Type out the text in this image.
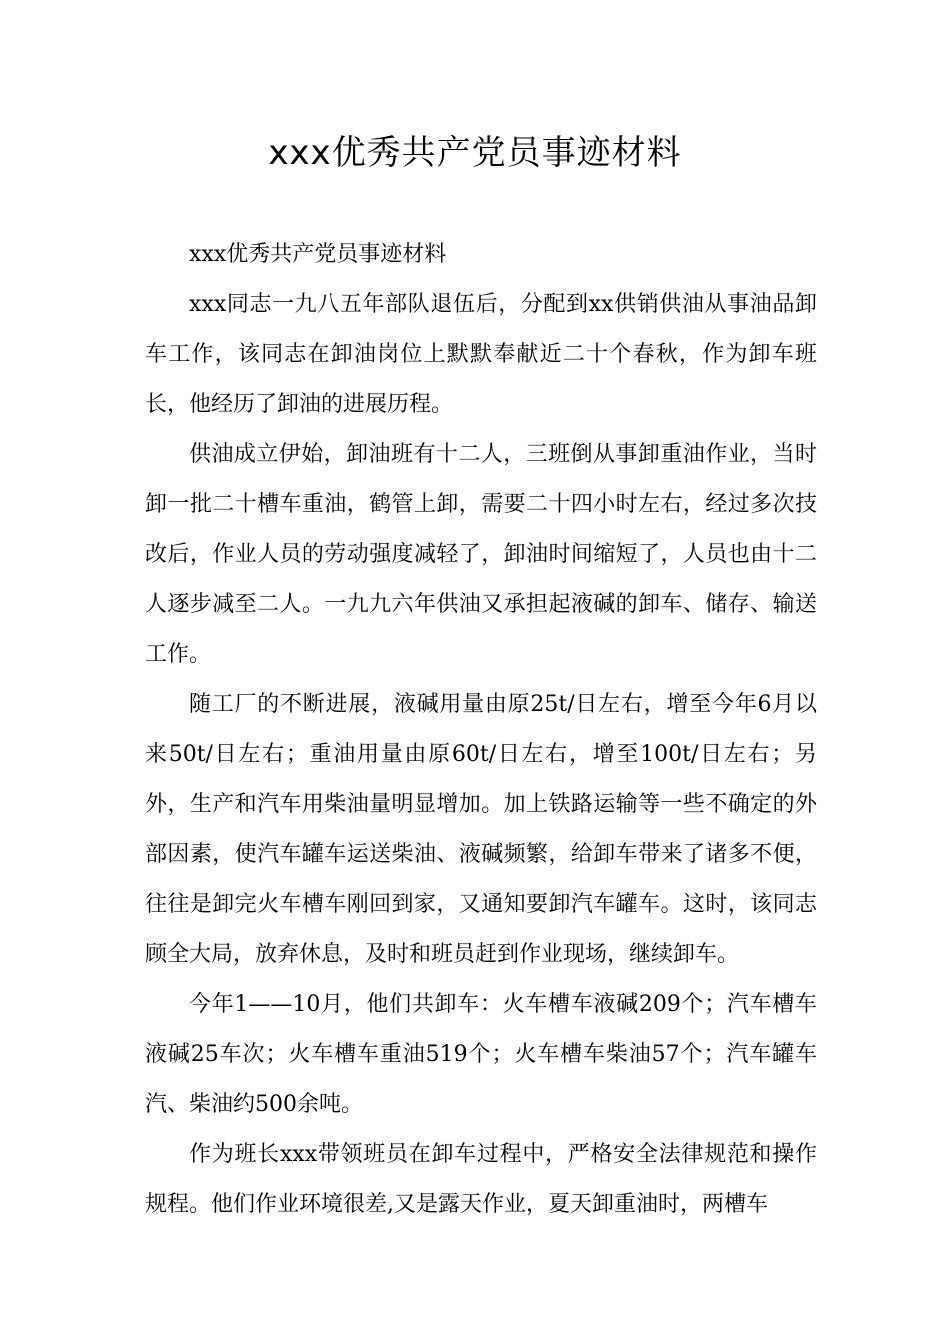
xxx优秀共产党员事迹材料

xxx优秀共产党员事迹材料

xxx同志一九八五年部队退伍后，分配到xx供销供油从事油品卸车工作，该同志在卸油岗位上默默奉献近二十个春秋，作为卸车班长，他经历了卸油的进展历程。

供油成立伊始，卸油班有十二人，三班倒从事卸重油作业，当时卸一批二十槽车重油，鹤管上卸，需要二十四小时左右，经过多次技改后，作业人员的劳动强度减轻了，卸油时间缩短了，人员也由十二人逐步减至二人。一九九六年供油又承担起液碱的卸车、储存、输送工作。

随工厂的不断进展，液碱用量由原25t/日左右，增至今年6月以来50t/日左右；重油用量由原60t/日左右，增至100t/日左右；另外，生产和汽车用柴油量明显增加。加上铁路运输等一些不确定的外部因素，使汽车罐车运送柴油、液碱频繁，给卸车带来了诸多不便，往往是卸完火车槽车刚回到家，又通知要卸汽车罐车。这时，该同志顾全大局，放弃休息，及时和班员赶到作业现场，继续卸车。

今年1——10月，他们共卸车：火车槽车液碱209个；汽车槽车液碱25车次；火车槽车重油519个；火车槽车柴油57个；汽车罐车汽、柴油约500余吨。

作为班长xxx带领班员在卸车过程中，严格安全法律规范和操作规程。他们作业环境很差,又是露天作业，夏天卸重油时，两槽车
